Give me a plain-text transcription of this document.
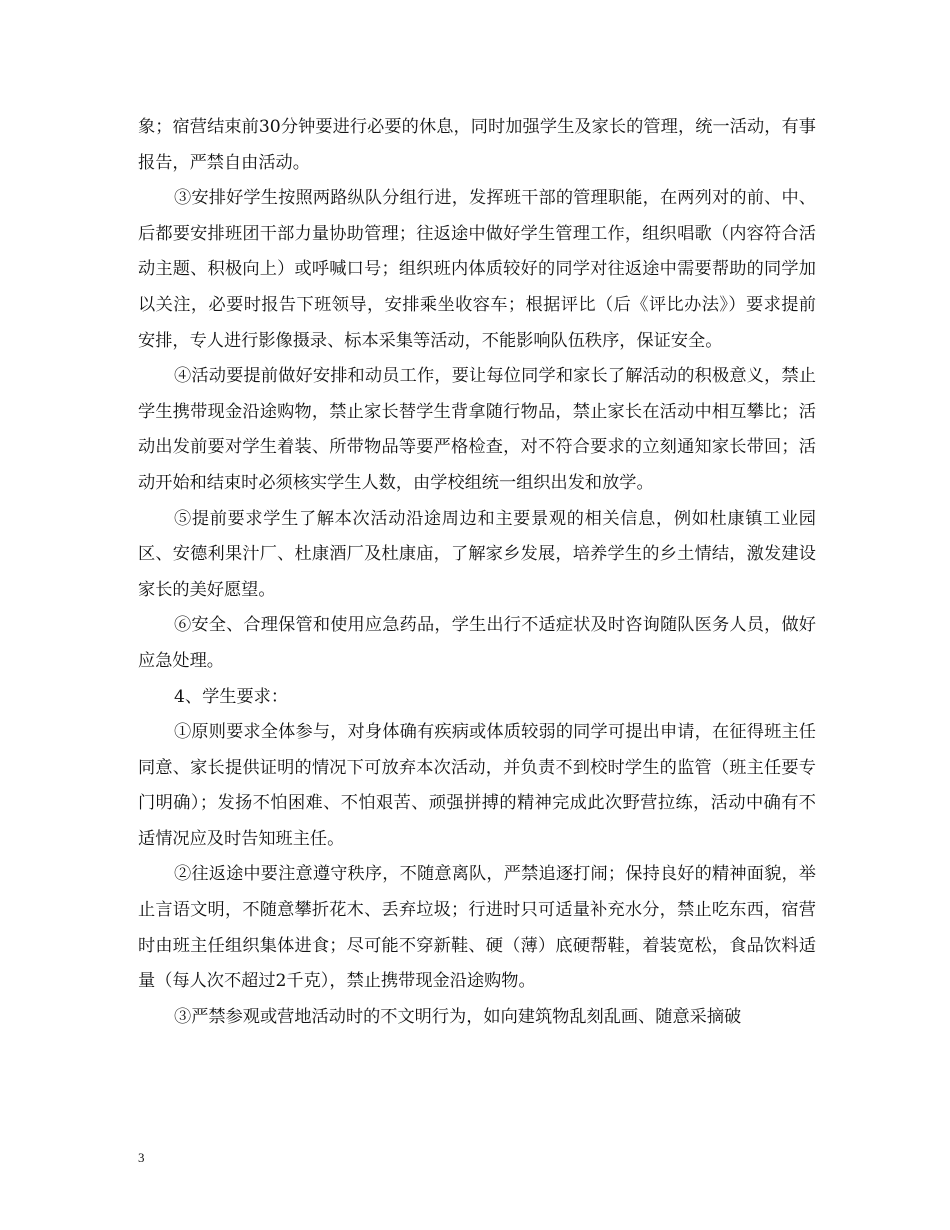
象；宿营结束前30分钟要进行必要的休息，同时加强学生及家长的管理，统一活动，有事报告，严禁自由活动。

③安排好学生按照两路纵队分组行进，发挥班干部的管理职能，在两列对的前、中、后都要安排班团干部力量协助管理；往返途中做好学生管理工作，组织唱歌（内容符合活动主题、积极向上）或呼喊口号；组织班内体质较好的同学对往返途中需要帮助的同学加以关注，必要时报告下班领导，安排乘坐收容车；根据评比（后《评比办法》）要求提前安排，专人进行影像摄录、标本采集等活动，不能影响队伍秩序，保证安全。

④活动要提前做好安排和动员工作，要让每位同学和家长了解活动的积极意义，禁止学生携带现金沿途购物，禁止家长替学生背拿随行物品，禁止家长在活动中相互攀比；活动出发前要对学生着装、所带物品等要严格检查，对不符合要求的立刻通知家长带回；活动开始和结束时必须核实学生人数，由学校组统一组织出发和放学。

⑤提前要求学生了解本次活动沿途周边和主要景观的相关信息，例如杜康镇工业园区、安德利果汁厂、杜康酒厂及杜康庙，了解家乡发展，培养学生的乡土情结，激发建设家长的美好愿望。

⑥安全、合理保管和使用应急药品，学生出行不适症状及时咨询随队医务人员，做好应急处理。

4、学生要求：

①原则要求全体参与，对身体确有疾病或体质较弱的同学可提出申请，在征得班主任同意、家长提供证明的情况下可放弃本次活动，并负责不到校时学生的监管（班主任要专门明确）；发扬不怕困难、不怕艰苦、顽强拼搏的精神完成此次野营拉练，活动中确有不适情况应及时告知班主任。

②往返途中要注意遵守秩序，不随意离队，严禁追逐打闹；保持良好的精神面貌，举止言语文明，不随意攀折花木、丢弃垃圾；行进时只可适量补充水分，禁止吃东西，宿营时由班主任组织集体进食；尽可能不穿新鞋、硬（薄）底硬帮鞋，着装宽松，食品饮料适量（每人次不超过2千克），禁止携带现金沿途购物。

③严禁参观或营地活动时的不文明行为，如向建筑物乱刻乱画、随意采摘破

3
